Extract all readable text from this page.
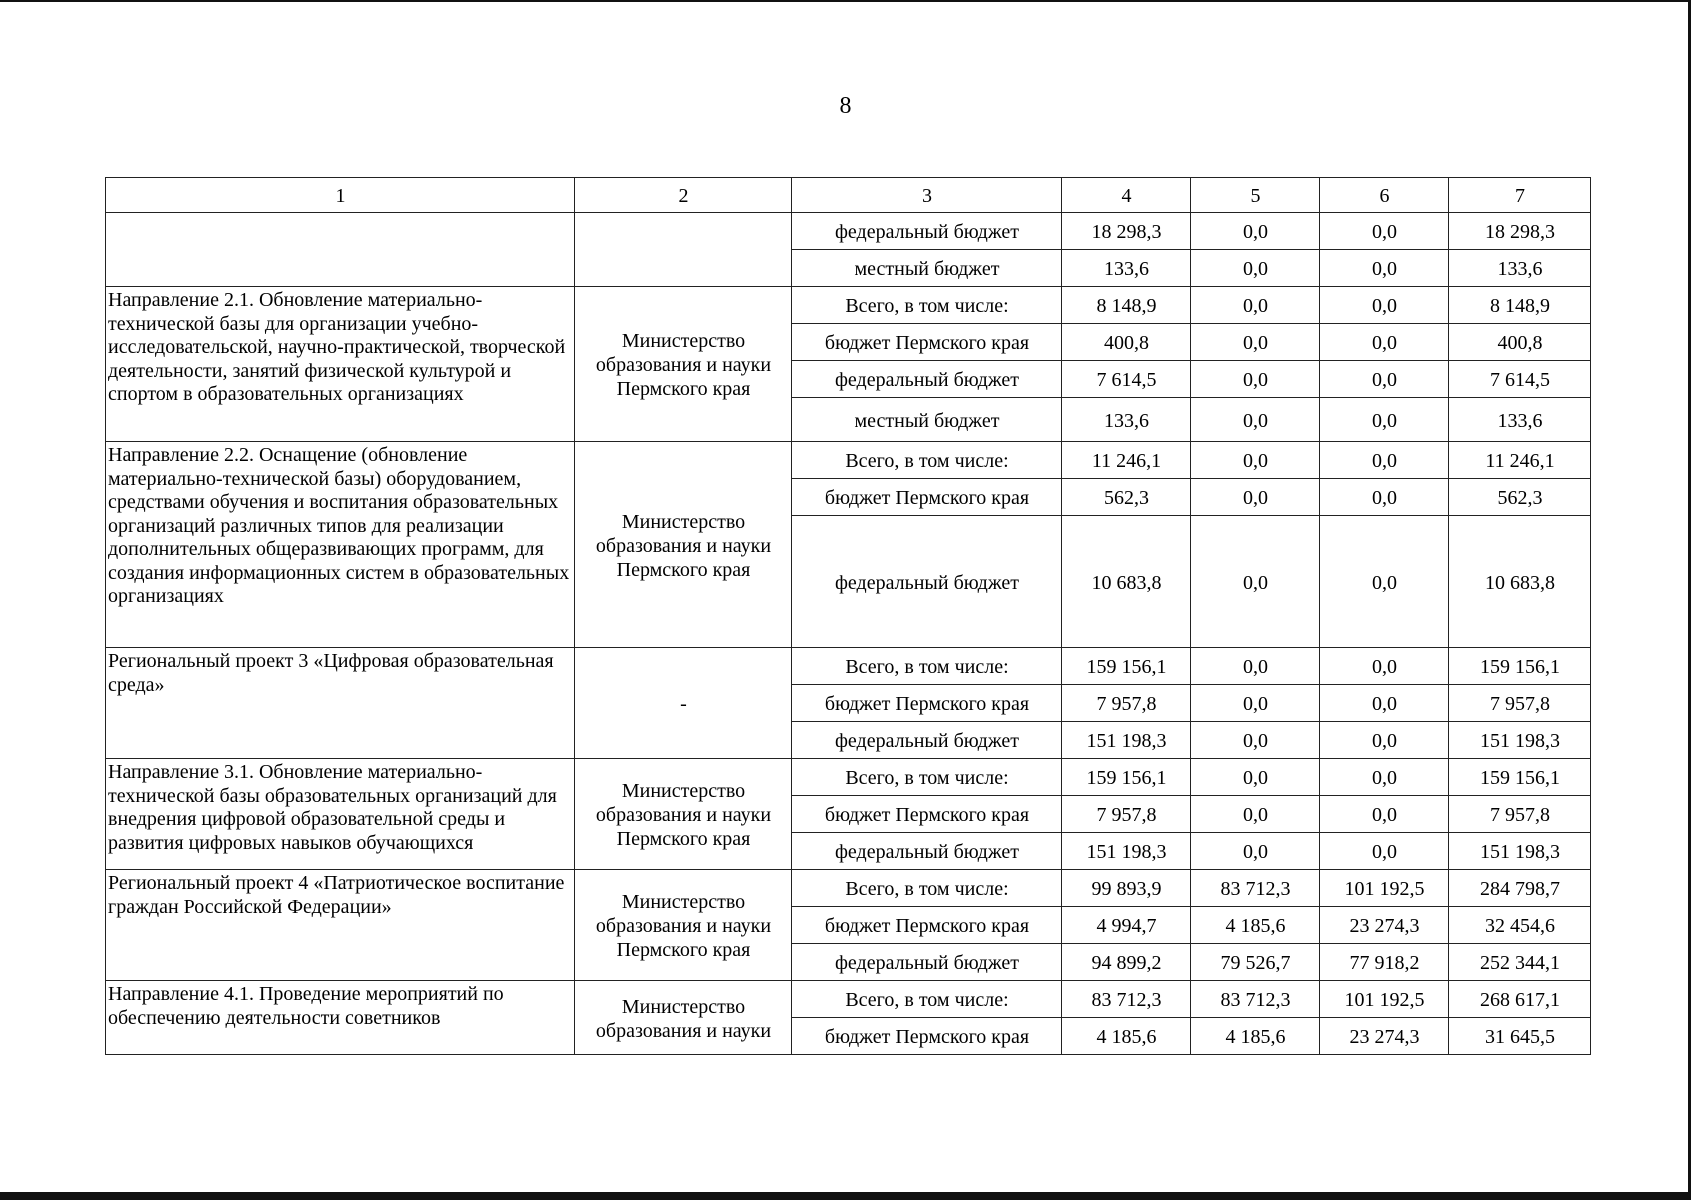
8
1	2	3	4	5	6	7
		федеральный бюджет	18 298,3	0,0	0,0	18 298,3
		местный бюджет	133,6	0,0	0,0	133,6
Направление 2.1. Обновление материально-технической базы для организации учебно-исследовательской, научно-практической, творческой деятельности, занятий физической культурой и спортом в образовательных организациях	Министерство образования и науки Пермского края	Всего, в том числе:	8 148,9	0,0	0,0	8 148,9
		бюджет Пермского края	400,8	0,0	0,0	400,8
		федеральный бюджет	7 614,5	0,0	0,0	7 614,5
		местный бюджет	133,6	0,0	0,0	133,6
Направление 2.2. Оснащение (обновление материально-технической базы) оборудованием, средствами обучения и воспитания образовательных организаций различных типов для реализации дополнительных общеразвивающих программ, для создания информационных систем в образовательных организациях	Министерство образования и науки Пермского края	Всего, в том числе:	11 246,1	0,0	0,0	11 246,1
		бюджет Пермского края	562,3	0,0	0,0	562,3
		федеральный бюджет	10 683,8	0,0	0,0	10 683,8
Региональный проект 3 «Цифровая образовательная среда»	-	Всего, в том числе:	159 156,1	0,0	0,0	159 156,1
		бюджет Пермского края	7 957,8	0,0	0,0	7 957,8
		федеральный бюджет	151 198,3	0,0	0,0	151 198,3
Направление 3.1. Обновление материально-технической базы образовательных организаций для внедрения цифровой образовательной среды и развития цифровых навыков обучающихся	Министерство образования и науки Пермского края	Всего, в том числе:	159 156,1	0,0	0,0	159 156,1
		бюджет Пермского края	7 957,8	0,0	0,0	7 957,8
		федеральный бюджет	151 198,3	0,0	0,0	151 198,3
Региональный проект 4 «Патриотическое воспитание граждан Российской Федерации»	Министерство образования и науки Пермского края	Всего, в том числе:	99 893,9	83 712,3	101 192,5	284 798,7
		бюджет Пермского края	4 994,7	4 185,6	23 274,3	32 454,6
		федеральный бюджет	94 899,2	79 526,7	77 918,2	252 344,1
Направление 4.1. Проведение мероприятий по обеспечению деятельности советников	Министерство образования и науки	Всего, в том числе:	83 712,3	83 712,3	101 192,5	268 617,1
		бюджет Пермского края	4 185,6	4 185,6	23 274,3	31 645,5
